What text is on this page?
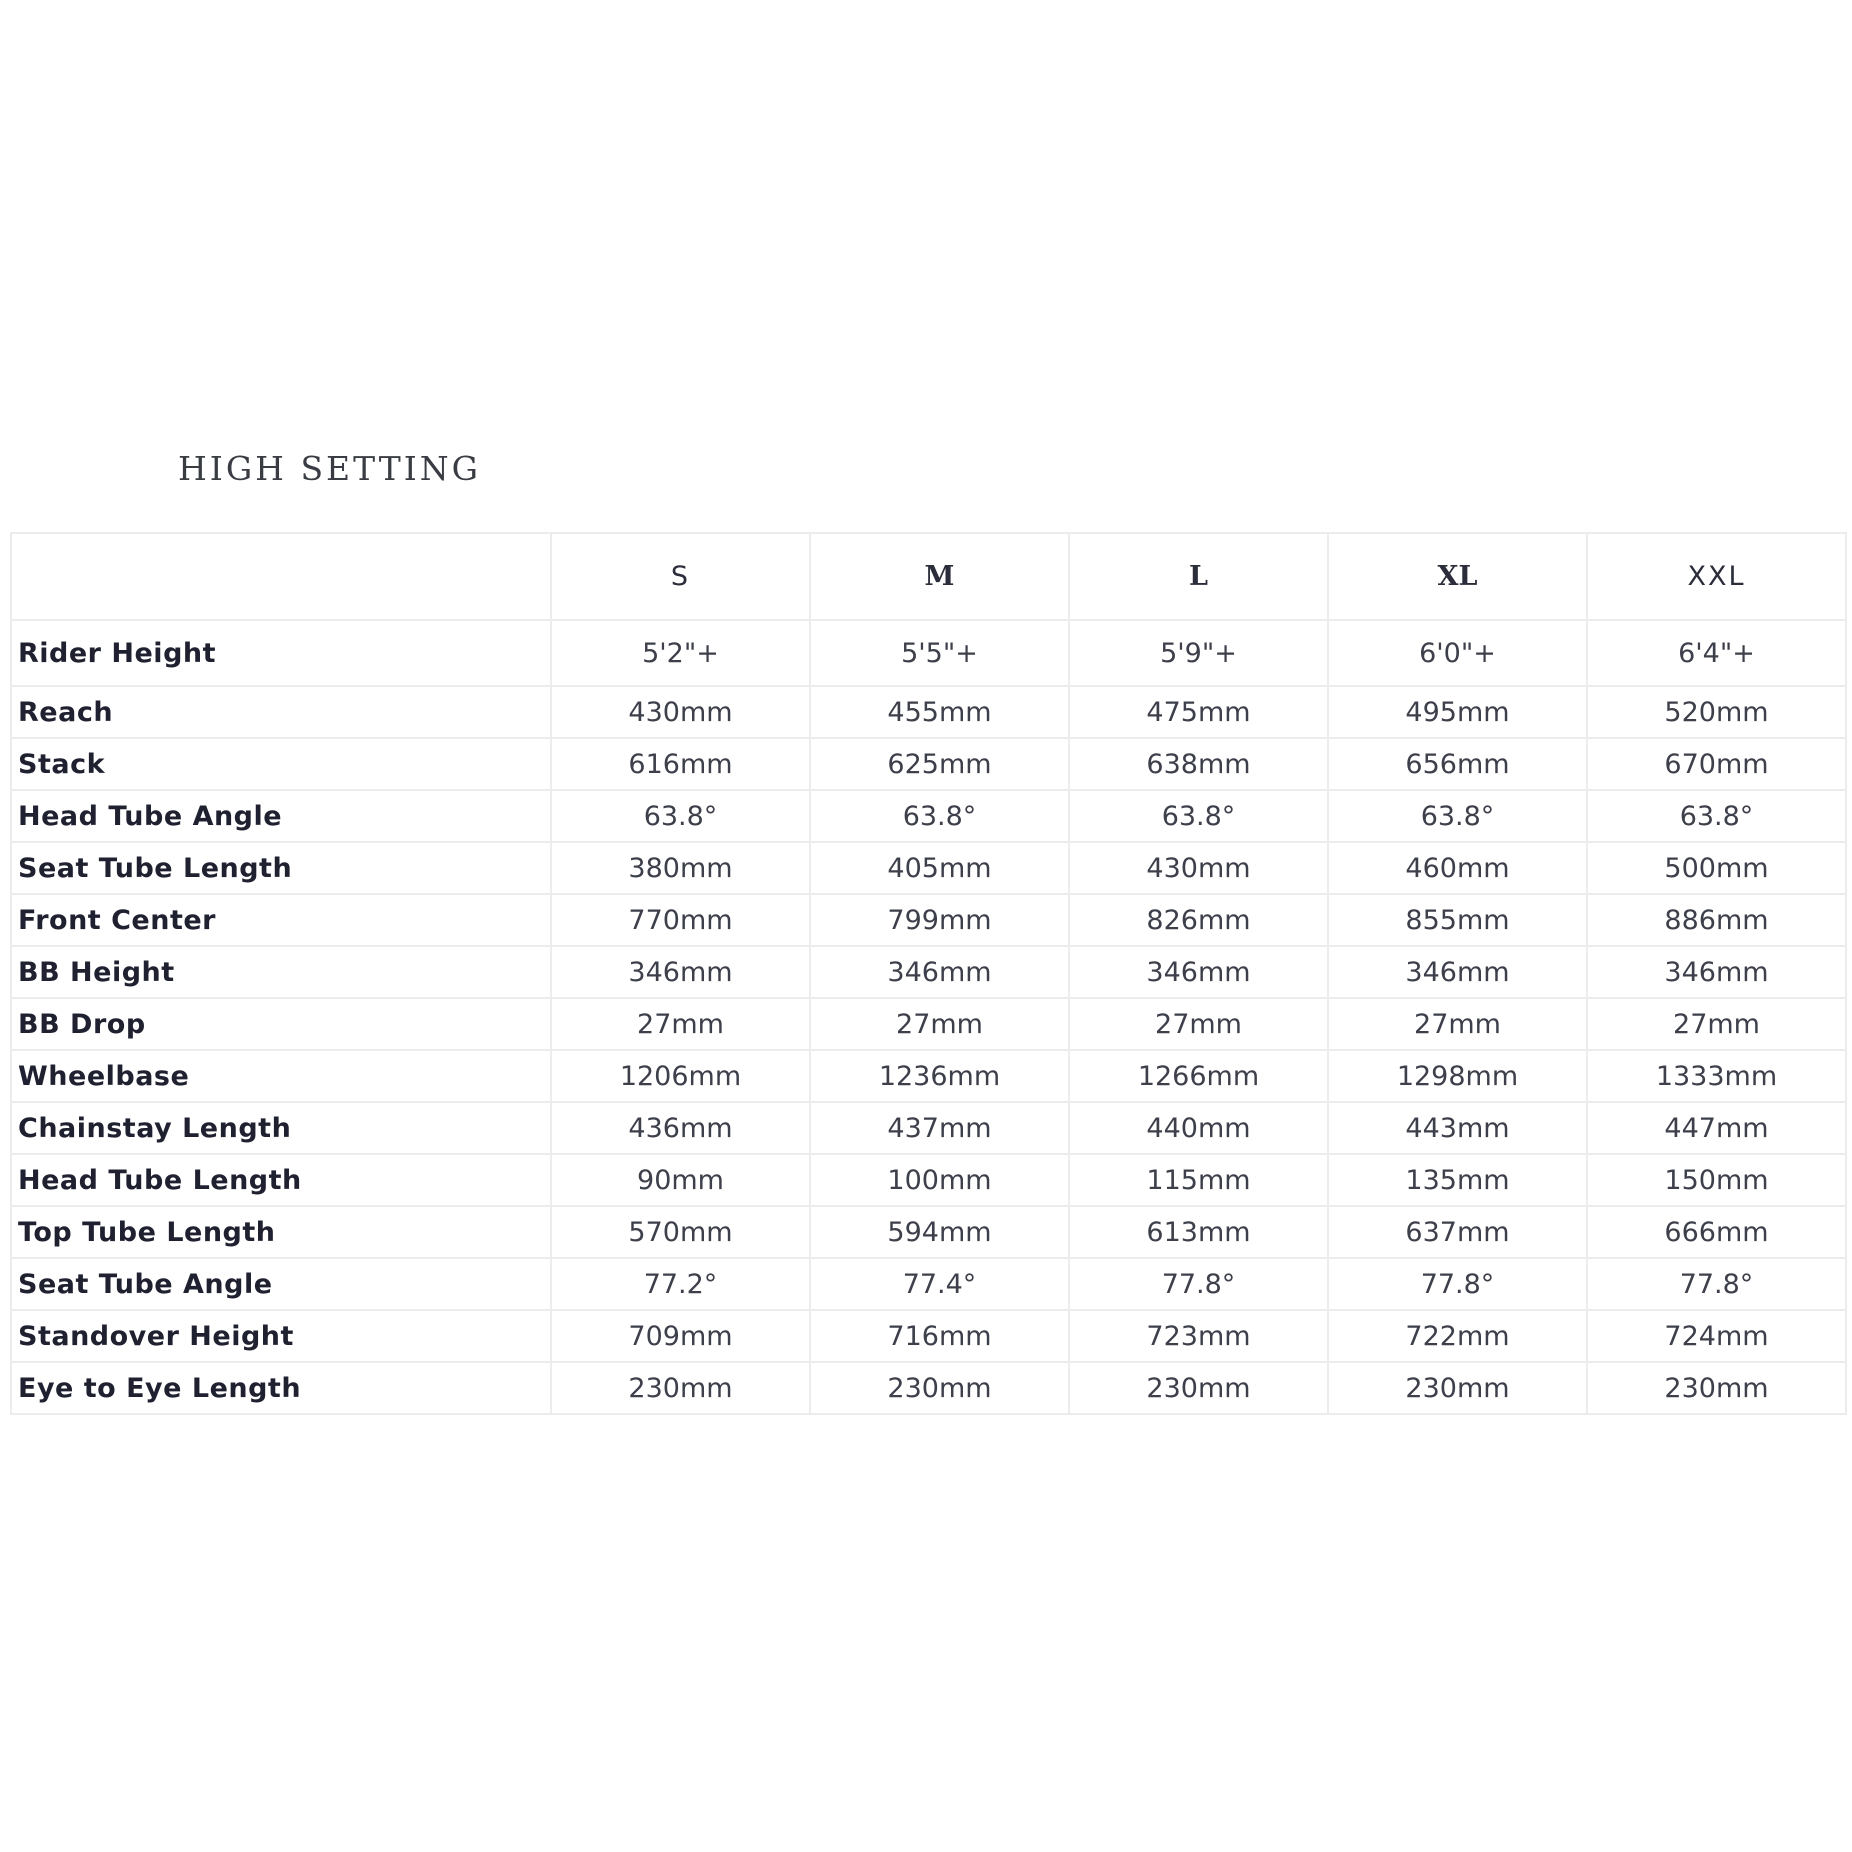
HIGH SETTING
	S	M	L	XL	XXL
Rider Height	5'2"+	5'5"+	5'9"+	6'0"+	6'4"+
Reach	430mm	455mm	475mm	495mm	520mm
Stack	616mm	625mm	638mm	656mm	670mm
Head Tube Angle	63.8°	63.8°	63.8°	63.8°	63.8°
Seat Tube Length	380mm	405mm	430mm	460mm	500mm
Front Center	770mm	799mm	826mm	855mm	886mm
BB Height	346mm	346mm	346mm	346mm	346mm
BB Drop	27mm	27mm	27mm	27mm	27mm
Wheelbase	1206mm	1236mm	1266mm	1298mm	1333mm
Chainstay Length	436mm	437mm	440mm	443mm	447mm
Head Tube Length	90mm	100mm	115mm	135mm	150mm
Top Tube Length	570mm	594mm	613mm	637mm	666mm
Seat Tube Angle	77.2°	77.4°	77.8°	77.8°	77.8°
Standover Height	709mm	716mm	723mm	722mm	724mm
Eye to Eye Length	230mm	230mm	230mm	230mm	230mm
